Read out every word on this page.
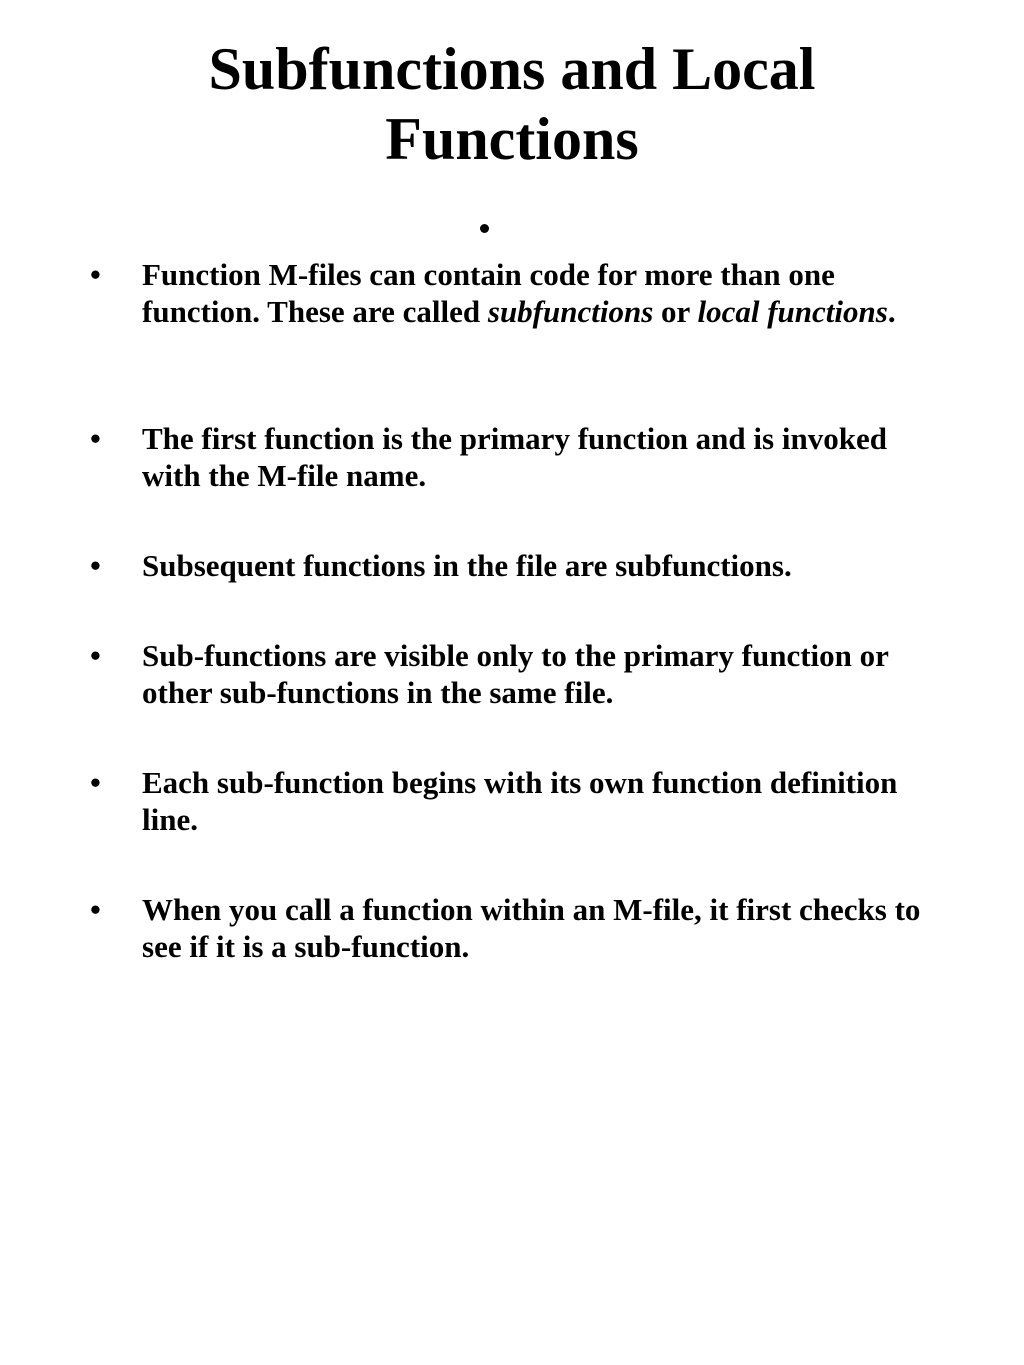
Subfunctions and Local
Functions
• Function M-files can contain code for more than one function. These are called subfunctions or local functions.
• The first function is the primary function and is invoked with the M-file name.
• Subsequent functions in the file are subfunctions.
• Sub-functions are visible only to the primary function or other sub-functions in the same file.
• Each sub-function begins with its own function definition line.
• When you call a function within an M-file, it first checks to see if it is a sub-function.
